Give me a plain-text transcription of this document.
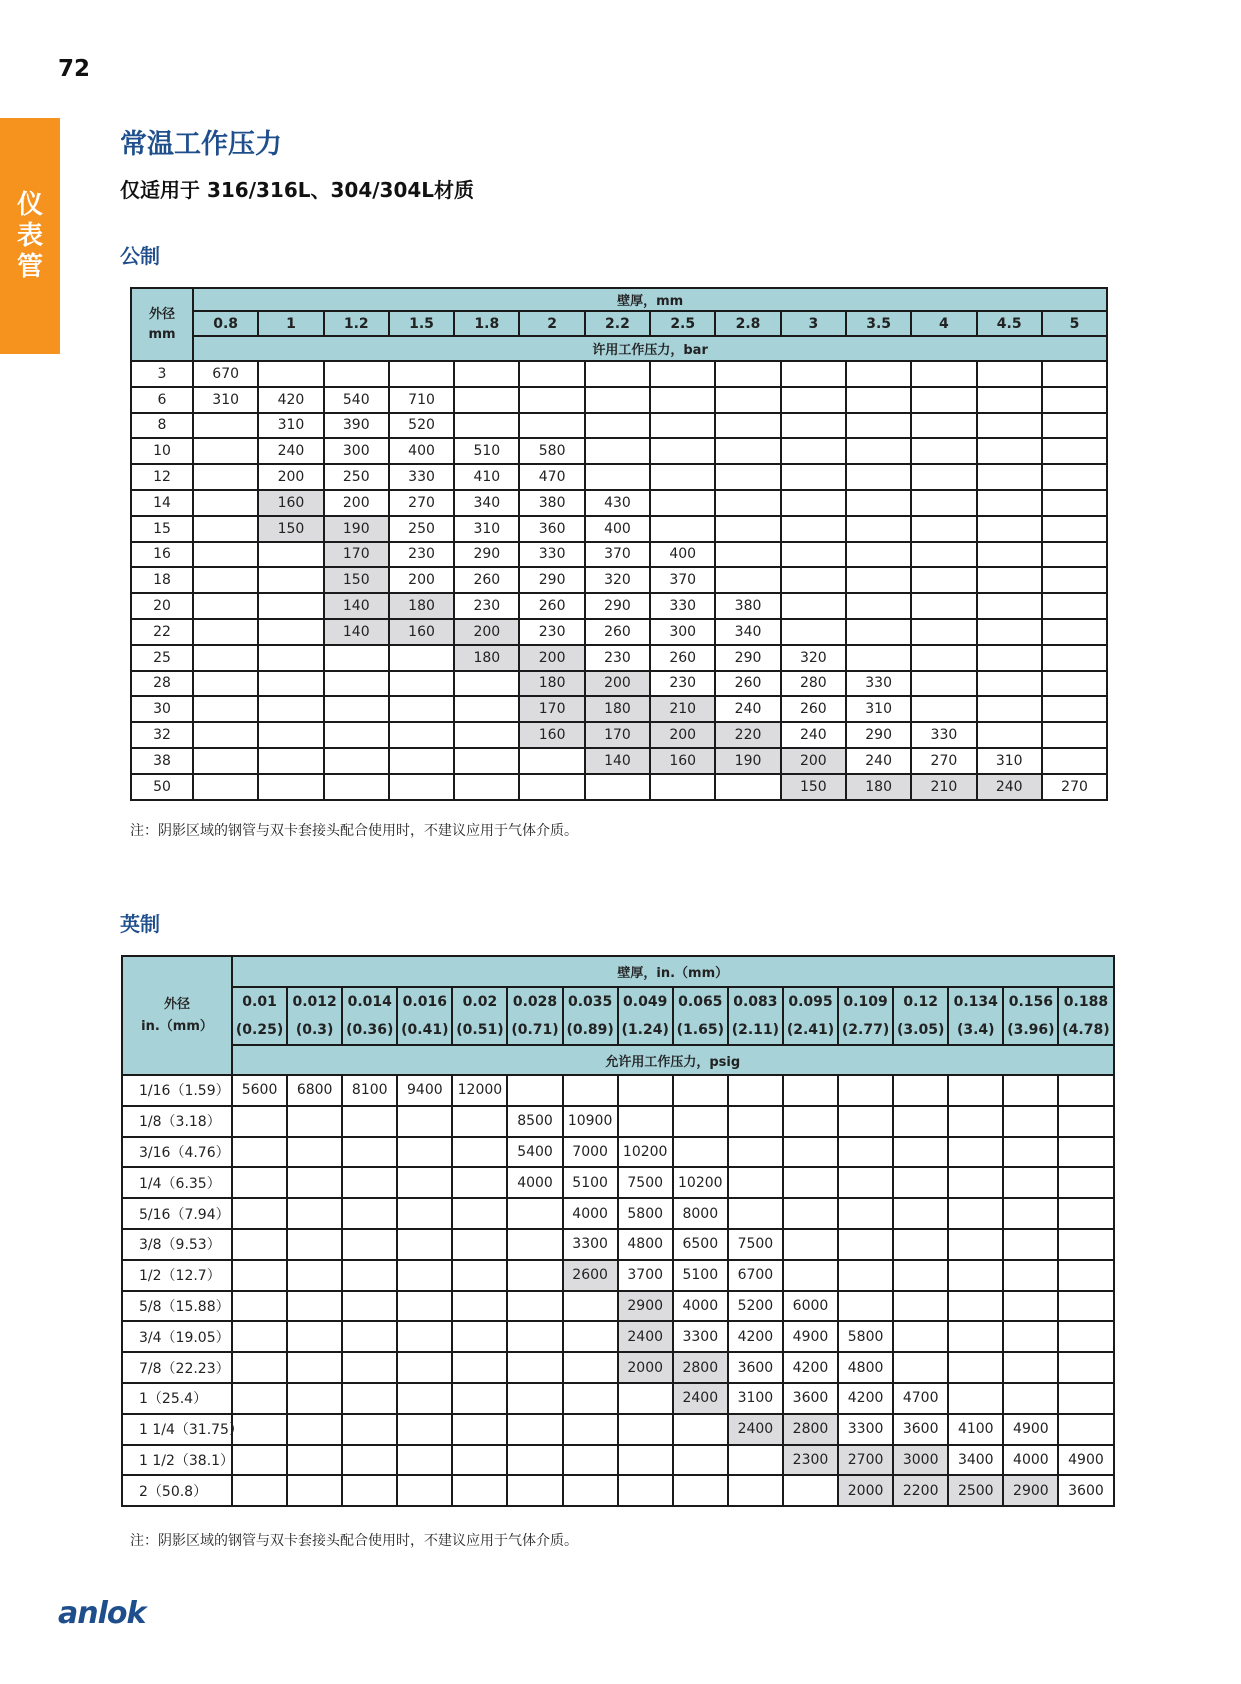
72
仪表管
常温工作压力
仅适用于 316/316L、304/304L材质
公制
外径
mm	壁厚，mm													
	0.8	1	1.2	1.5	1.8	2	2.2	2.5	2.8	3	3.5	4	4.5	5
	许用工作压力，bar													
3	670													
6	310	420	540	710										
8		310	390	520										
10		240	300	400	510	580								
12		200	250	330	410	470								
14		160	200	270	340	380	430							
15		150	190	250	310	360	400							
16			170	230	290	330	370	400						
18			150	200	260	290	320	370						
20			140	180	230	260	290	330	380					
22			140	160	200	230	260	300	340					
25					180	200	230	260	290	320				
28						180	200	230	260	280	330			
30						170	180	210	240	260	310			
32						160	170	200	220	240	290	330		
38							140	160	190	200	240	270	310	
50										150	180	210	240	270
注：阴影区域的钢管与双卡套接头配合使用时，不建议应用于气体介质。
英制
外径
in.（mm）	壁厚，in.（mm）															
	0.01	0.012	0.014	0.016	0.02	0.028	0.035	0.049	0.065	0.083	0.095	0.109	0.12	0.134	0.156	0.188
	(0.25)	(0.3)	(0.36)	(0.41)	(0.51)	(0.71)	(0.89)	(1.24)	(1.65)	(2.11)	(2.41)	(2.77)	(3.05)	(3.4)	(3.96)	(4.78)
	允许用工作压力，psig															
1/16（1.59）	5600	6800	8100	9400	12000											
1/8（3.18）						8500	10900									
3/16（4.76）						5400	7000	10200								
1/4（6.35）						4000	5100	7500	10200							
5/16（7.94）							4000	5800	8000							
3/8（9.53）							3300	4800	6500	7500						
1/2（12.7）							2600	3700	5100	6700						
5/8（15.88）								2900	4000	5200	6000					
3/4（19.05）								2400	3300	4200	4900	5800				
7/8（22.23）								2000	2800	3600	4200	4800				
1（25.4）									2400	3100	3600	4200	4700			
1 1/4（31.75）										2400	2800	3300	3600	4100	4900	
1 1/2（38.1）											2300	2700	3000	3400	4000	4900
2（50.8）												2000	2200	2500	2900	3600
注：阴影区域的钢管与双卡套接头配合使用时，不建议应用于气体介质。
anlok
